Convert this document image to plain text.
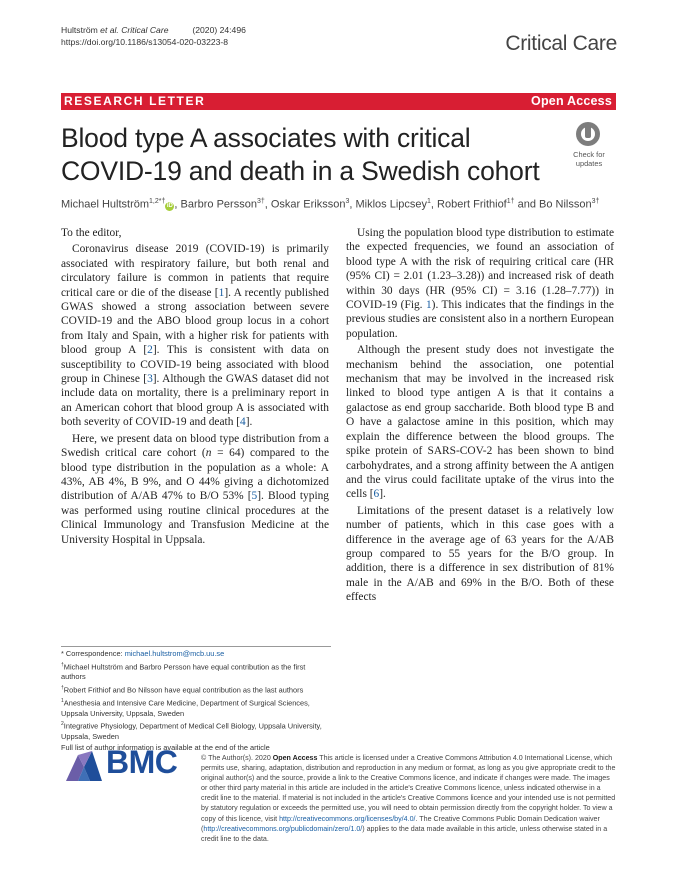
Hultström et al. Critical Care	(2020) 24:496
https://doi.org/10.1186/s13054-020-03223-8	Critical Care
RESEARCH LETTER	Open Access
Blood type A associates with critical COVID-19 and death in a Swedish cohort
Check for
updates
Michael Hultström$^{1,2*\dagger}$iD , Barbro Persson$^{3\dagger}$, Oskar Eriksson$^3$, Miklos Lipcsey$^1$, Robert Frithiof$^{1\dagger}$ and Bo Nilsson$^{3\dagger}$

To the editor,

Coronavirus disease 2019 (COVID-19) is primarily associated with respiratory failure, but both renal and circulatory failure is common in patients that require critical care or die of the disease [1]. A recently published GWAS showed a strong association between severe COVID-19 and the ABO blood group locus in a cohort from Italy and Spain, with a higher risk for patients with blood group A [2]. This is consistent with data on susceptibility to COVID-19 being associated with blood group in Chinese [3]. Although the GWAS dataset did not include data on mortality, there is a preliminary report in an American cohort that blood group A is associated with both severity of COVID-19 and death [4].

Here, we present data on blood type distribution from a Swedish critical care cohort (n = 64) compared to the blood type distribution in the population as a whole: A 43%, AB 4%, B 9%, and O 44% giving a dichotomized distribution of A/AB 47% to B/O 53% [5]. Blood typing was performed using routine clinical procedures at the Clinical Immunology and Transfusion Medicine at the University Hospital in Uppsala.

Using the population blood type distribution to estimate the expected frequencies, we found an association of blood type A with the risk of requiring critical care (HR (95% CI) = 2.01 (1.23–3.28)) and increased risk of death within 30 days (HR (95% CI) = 3.16 (1.28–7.77)) in COVID-19 (Fig. 1). This indicates that the findings in the previous studies are consistent also in a northern European population.

Although the present study does not investigate the mechanism behind the association, one potential mechanism that may be involved in the increased risk linked to blood type antigen A is that it contains a galactose as end group saccharide. Both blood type B and O have a galactose amine in this position, which may explain the difference between the blood groups. The spike protein of SARS-COV-2 has been shown to bind carbohydrates, and a strong affinity between the A antigen and the virus could facilitate uptake of the virus into the cells [6].

Limitations of the present dataset is a relatively low number of patients, which in this case goes with a difference in the average age of 63 years for the A/AB group compared to 55 years for the B/O group. In addition, there is a difference in sex distribution of 81% male in the A/AB and 69% in the B/O. Both of these effects

* Correspondence: michael.hultstrom@mcb.uu.se
†Michael Hultström and Barbro Persson have equal contribution as the first authors
†Robert Frithiof and Bo Nilsson have equal contribution as the last authors
$^1$Anesthesia and Intensive Care Medicine, Department of Surgical Sciences, Uppsala University, Uppsala, Sweden
$^2$Integrative Physiology, Department of Medical Cell Biology, Uppsala University, Uppsala, Sweden
Full list of author information is available at the end of the article
BMC	© The Author(s). 2020 Open Access This article is licensed under a Creative Commons Attribution 4.0 International License, which permits use, sharing, adaptation, distribution and reproduction in any medium or format, as long as you give appropriate credit to the original author(s) and the source, provide a link to the Creative Commons licence, and indicate if changes were made. The images or other third party material in this article are included in the article's Creative Commons licence, unless indicated otherwise in a credit line to the material. If material is not included in the article's Creative Commons licence and your intended use is not permitted by statutory regulation or exceeds the permitted use, you will need to obtain permission directly from the copyright holder. To view a copy of this licence, visit http://creativecommons.org/licenses/by/4.0/. The Creative Commons Public Domain Dedication waiver (http://creativecommons.org/publicdomain/zero/1.0/) applies to the data made available in this article, unless otherwise stated in a credit line to the data.
